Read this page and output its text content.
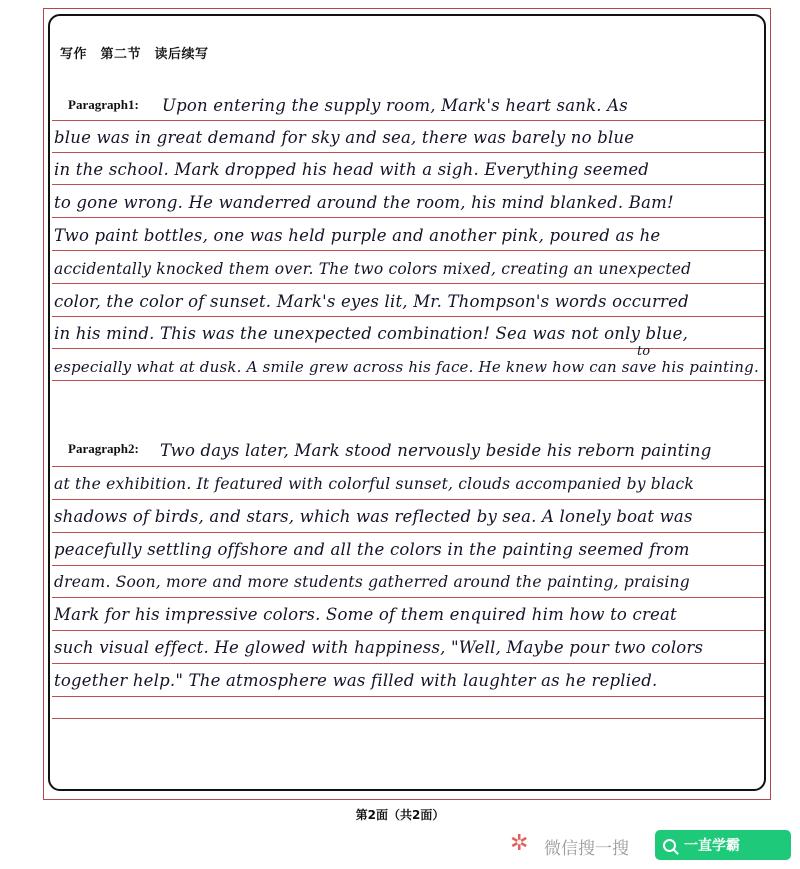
写作　第二节　读后续写
Paragraph1: Upon entering the supply room, Mark's heart sank. As
blue was in great demand for sky and sea, there was barely no blue
in the school. Mark dropped his head with a sigh. Everything seemed
to gone wrong. He wanderred around the room, his mind blanked. Bam!
Two paint bottles, one was held purple and another pink, poured as he
accidentally knocked them over. The two colors mixed, creating an unexpected
color, the color of sunset. Mark's eyes lit, Mr. Thompson's words occurred
in his mind. This was the unexpected combination! Sea was not only blue,
to
especially what at dusk. A smile grew across his face. He knew how can save his painting.
Paragraph2: Two days later, Mark stood nervously beside his reborn painting
at the exhibition. It featured with colorful sunset, clouds accompanied by black
shadows of birds, and stars, which was reflected by sea. A lonely boat was
peacefully settling offshore and all the colors in the painting seemed from
dream. Soon, more and more students gatherred around the painting, praising
Mark for his impressive colors. Some of them enquired him how to creat
such visual effect. He glowed with happiness, "Well, Maybe pour two colors
together help." The atmosphere was filled with laughter as he replied.
第2面（共2面）
✲ 微信搜一搜	一直学霸
